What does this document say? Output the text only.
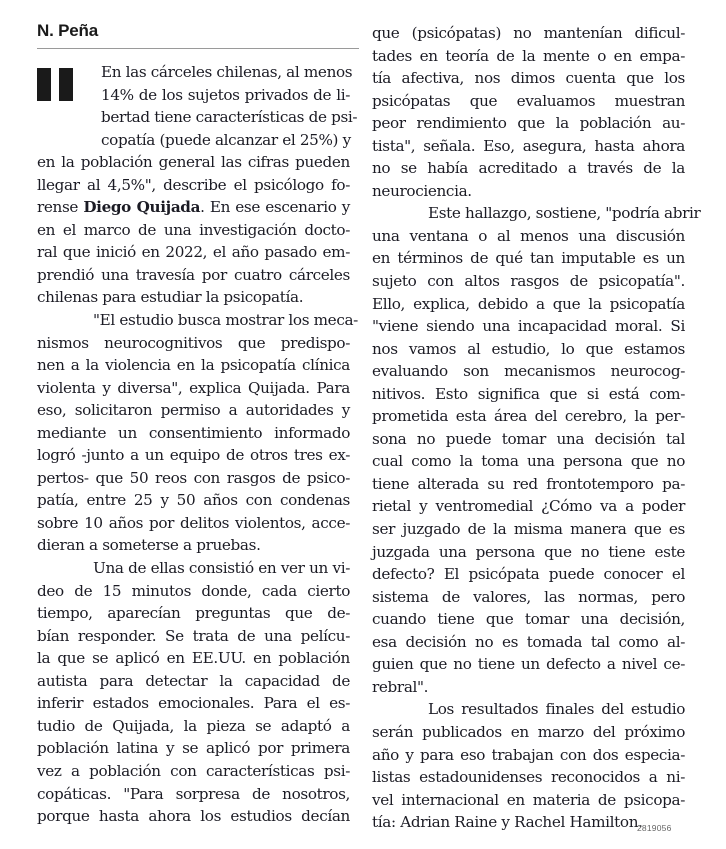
N. Peña
En las cárceles chilenas, al menos
14% de los sujetos privados de li-
bertad tiene características de psi-
copatía (puede alcanzar el 25%) y
en la población general las cifras pueden
llegar al 4,5%", describe el psicólogo fo-
rense Diego Quijada. En ese escenario y
en el marco de una investigación docto-
ral que inició en 2022, el año pasado em-
prendió una travesía por cuatro cárceles
chilenas para estudiar la psicopatía.
"El estudio busca mostrar los meca-
nismos neurocognitivos que predispo-
nen a la violencia en la psicopatía clínica
violenta y diversa", explica Quijada. Para
eso, solicitaron permiso a autoridades y
mediante un consentimiento informado
logró -junto a un equipo de otros tres ex-
pertos- que 50 reos con rasgos de psico-
patía, entre 25 y 50 años con condenas
sobre 10 años por delitos violentos, acce-
dieran a someterse a pruebas.
Una de ellas consistió en ver un vi-
deo de 15 minutos donde, cada cierto
tiempo, aparecían preguntas que de-
bían responder. Se trata de una pelícu-
la que se aplicó en EE.UU. en población
autista para detectar la capacidad de
inferir estados emocionales. Para el es-
tudio de Quijada, la pieza se adaptó a
población latina y se aplicó por primera
vez a población con características psi-
copáticas. "Para sorpresa de nosotros,
porque hasta ahora los estudios decían
que (psicópatas) no mantenían dificul-
tades en teoría de la mente o en empa-
tía afectiva, nos dimos cuenta que los
psicópatas que evaluamos muestran
peor rendimiento que la población au-
tista", señala. Eso, asegura, hasta ahora
no se había acreditado a través de la
neurociencia.
Este hallazgo, sostiene, "podría abrir
una ventana o al menos una discusión
en términos de qué tan imputable es un
sujeto con altos rasgos de psicopatía".
Ello, explica, debido a que la psicopatía
"viene siendo una incapacidad moral. Si
nos vamos al estudio, lo que estamos
evaluando son mecanismos neurocog-
nitivos. Esto significa que si está com-
prometida esta área del cerebro, la per-
sona no puede tomar una decisión tal
cual como la toma una persona que no
tiene alterada su red frontotemporo pa-
rietal y ventromedial ¿Cómo va a poder
ser juzgado de la misma manera que es
juzgada una persona que no tiene este
defecto? El psicópata puede conocer el
sistema de valores, las normas, pero
cuando tiene que tomar una decisión,
esa decisión no es tomada tal como al-
guien que no tiene un defecto a nivel ce-
rebral".
Los resultados finales del estudio
serán publicados en marzo del próximo
año y para eso trabajan con dos especia-
listas estadounidenses reconocidos a ni-
vel internacional en materia de psicopa-
tía: Adrian Raine y Rachel Hamilton.
2819056
